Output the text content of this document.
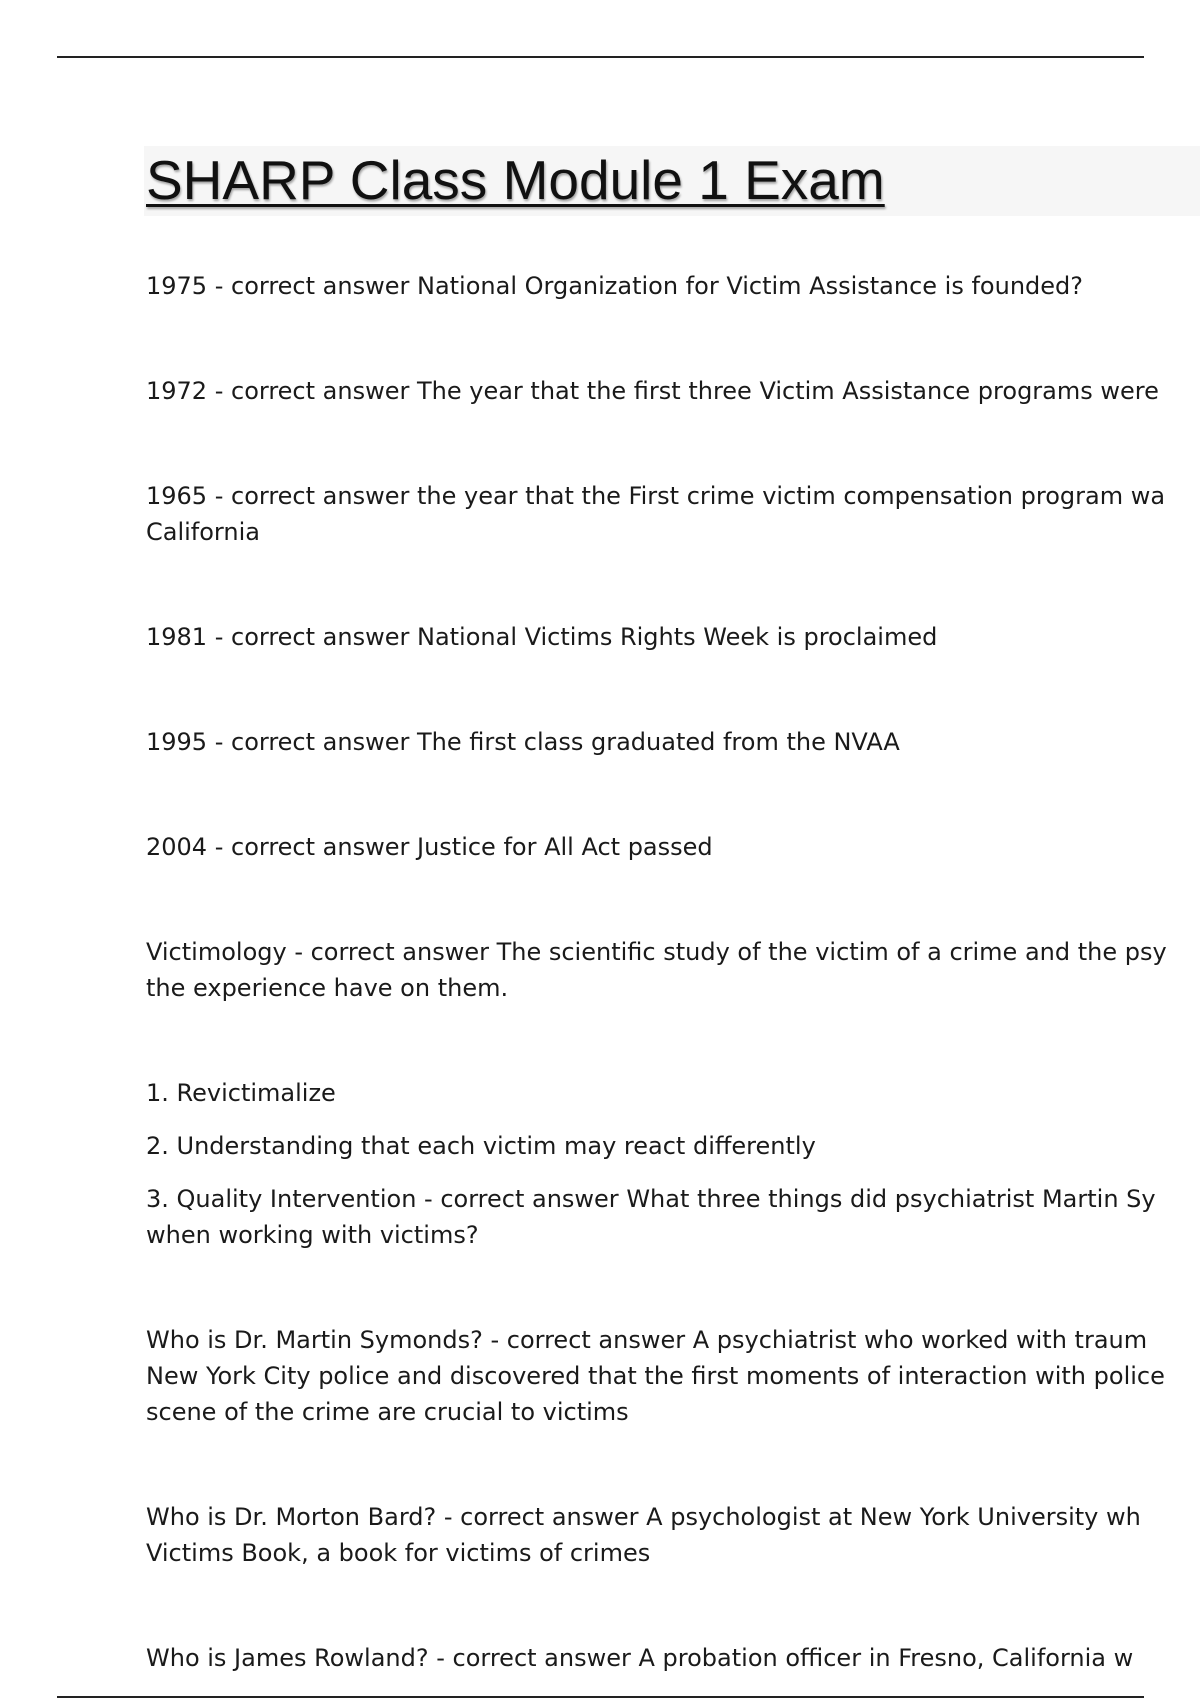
SHARP Class Module 1 Exam

1975 - correct answer National Organization for Victim Assistance is founded?

1972 - correct answer The year that the first three Victim Assistance programs were

1965 - correct answer the year that the First crime victim compensation program wa
California

1981 - correct answer National Victims Rights Week is proclaimed

1995 - correct answer The first class graduated from the NVAA

2004 - correct answer Justice for All Act passed

Victimology - correct answer The scientific study of the victim of a crime and the psy
the experience have on them.

1. Revictimalize

2. Understanding that each victim may react differently

3. Quality Intervention - correct answer What three things did psychiatrist Martin Sy
when working with victims?

Who is Dr. Martin Symonds? - correct answer A psychiatrist who worked with traum
New York City police and discovered that the first moments of interaction with police
scene of the crime are crucial to victims

Who is Dr. Morton Bard? - correct answer A psychologist at New York University wh
Victims Book, a book for victims of crimes

Who is James Rowland? - correct answer A probation officer in Fresno, California w
